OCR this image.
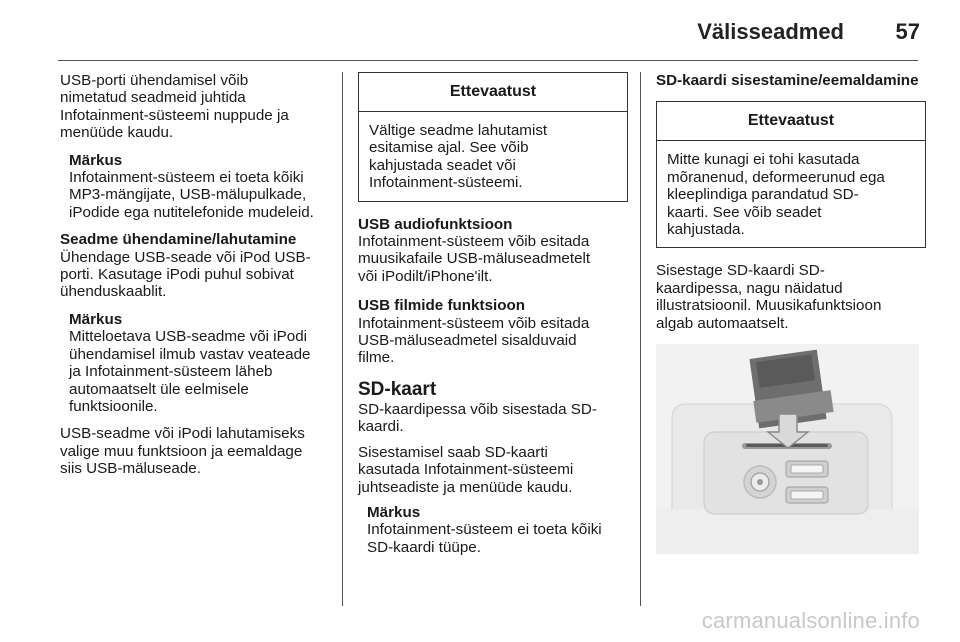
Välisseadmed 57

USB-porti ühendamisel võib
nimetatud seadmeid juhtida
Infotainment-süsteemi nuppude ja
menüüde kaudu.

Märkus
Infotainment-süsteem ei toeta kõiki
MP3-mängijate, USB-mälupulkade,
iPodide ega nutitelefonide mudeleid.
Seadme ühendamine/lahutamine
Ühendage USB-seade või iPod USB-
porti. Kasutage iPodi puhul sobivat
ühenduskaablit.
Märkus
Mitteloetava USB-seadme või iPodi
ühendamisel ilmub vastav veateade
ja Infotainment-süsteem läheb
automaatselt üle eelmisele
funktsioonile.

USB-seadme või iPodi lahutamiseks
valige muu funktsioon ja eemaldage
siis USB-mäluseade.

Ettevaatust
Vältige seadme lahutamist
esitamise ajal. See võib
kahjustada seadet või
Infotainment-süsteemi.
USB audiofunktsioon
Infotainment-süsteem võib esitada
muusikafaile USB-mäluseadmetelt
või iPodilt/iPhone'ilt.
USB filmide funktsioon
Infotainment-süsteem võib esitada
USB-mäluseadmetel sisalduvaid
filme.
SD-kaart
SD-kaardipessa võib sisestada SD-
kaardi.

Sisestamisel saab SD-kaarti
kasutada Infotainment-süsteemi
juhtseadiste ja menüüde kaudu.

Märkus
Infotainment-süsteem ei toeta kõiki
SD-kaardi tüüpe.
SD-kaardi sisestamine/eemaldamine
Ettevaatust
Mitte kunagi ei tohi kasutada
mõranenud, deformeerunud ega
kleeplindiga parandatud SD-
kaarti. See võib seadet
kahjustada.

Sisestage SD-kaardi SD-
kaardipessa, nagu näidatud
illustratsioonil. Muusikafunktsioon
algab automaatselt.

carmanualsonline.info
